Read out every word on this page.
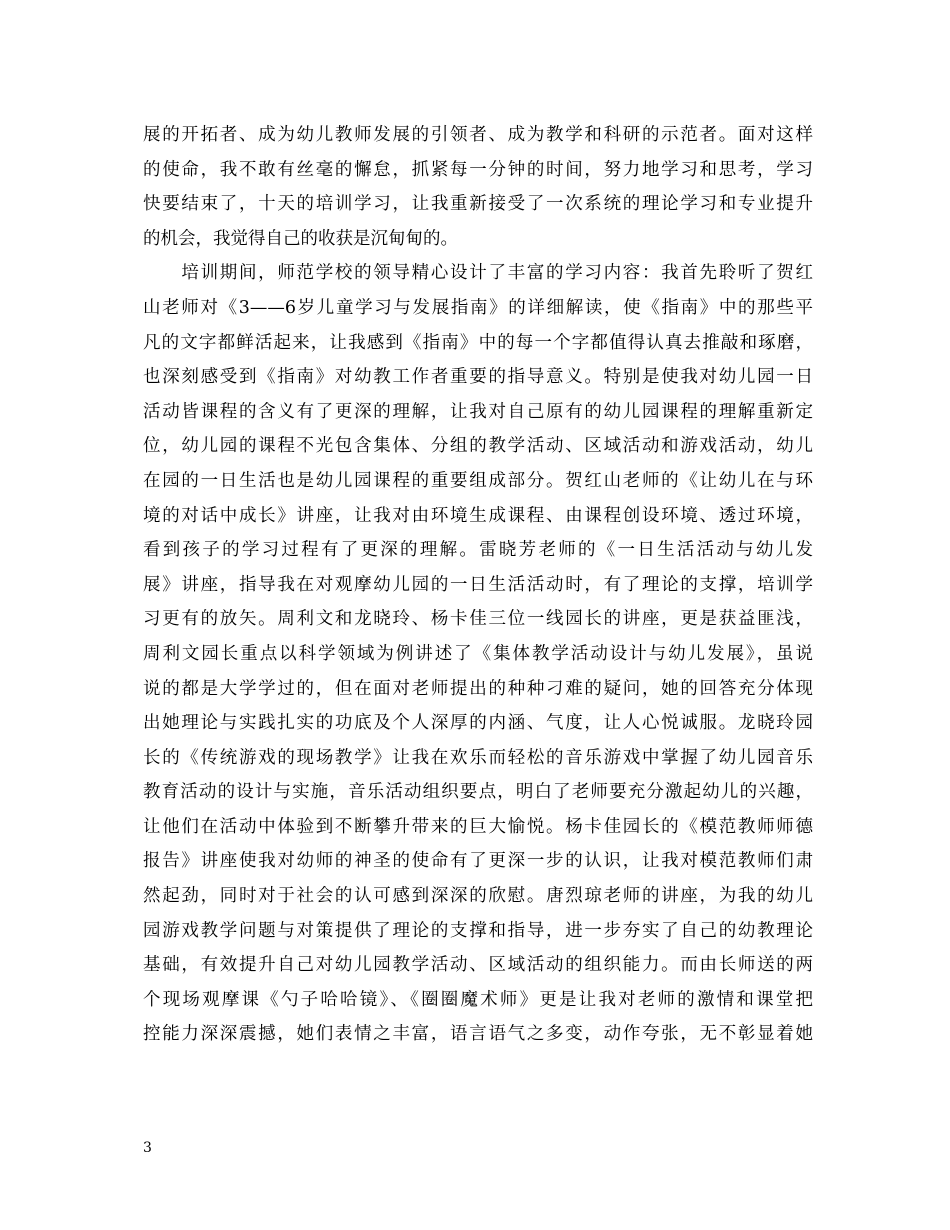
展的开拓者、成为幼儿教师发展的引领者、成为教学和科研的示范者。面对这样
的使命，我不敢有丝毫的懈怠，抓紧每一分钟的时间，努力地学习和思考，学习
快要结束了，十天的培训学习，让我重新接受了一次系统的理论学习和专业提升
的机会，我觉得自己的收获是沉甸甸的。
　　培训期间，师范学校的领导精心设计了丰富的学习内容：我首先聆听了贺红
山老师对《3——6岁儿童学习与发展指南》的详细解读，使《指南》中的那些平
凡的文字都鲜活起来，让我感到《指南》中的每一个字都值得认真去推敲和琢磨，
也深刻感受到《指南》对幼教工作者重要的指导意义。特别是使我对幼儿园一日
活动皆课程的含义有了更深的理解，让我对自己原有的幼儿园课程的理解重新定
位，幼儿园的课程不光包含集体、分组的教学活动、区域活动和游戏活动，幼儿
在园的一日生活也是幼儿园课程的重要组成部分。贺红山老师的《让幼儿在与环
境的对话中成长》讲座，让我对由环境生成课程、由课程创设环境、透过环境，
看到孩子的学习过程有了更深的理解。雷晓芳老师的《一日生活活动与幼儿发
展》讲座，指导我在对观摩幼儿园的一日生活活动时，有了理论的支撑，培训学
习更有的放矢。周利文和龙晓玲、杨卡佳三位一线园长的讲座，更是获益匪浅，
周利文园长重点以科学领域为例讲述了《集体教学活动设计与幼儿发展》，虽说
说的都是大学学过的，但在面对老师提出的种种刁难的疑问，她的回答充分体现
出她理论与实践扎实的功底及个人深厚的内涵、气度，让人心悦诚服。龙晓玲园
长的《传统游戏的现场教学》让我在欢乐而轻松的音乐游戏中掌握了幼儿园音乐
教育活动的设计与实施，音乐活动组织要点，明白了老师要充分激起幼儿的兴趣，
让他们在活动中体验到不断攀升带来的巨大愉悦。杨卡佳园长的《模范教师师德
报告》讲座使我对幼师的神圣的使命有了更深一步的认识，让我对模范教师们肃
然起劲，同时对于社会的认可感到深深的欣慰。唐烈琼老师的讲座，为我的幼儿
园游戏教学问题与对策提供了理论的支撑和指导，进一步夯实了自己的幼教理论
基础，有效提升自己对幼儿园教学活动、区域活动的组织能力。而由长师送的两
个现场观摩课《勺子哈哈镜》、《圈圈魔术师》更是让我对老师的激情和课堂把
控能力深深震撼，她们表情之丰富，语言语气之多变，动作夸张，无不彰显着她
3
